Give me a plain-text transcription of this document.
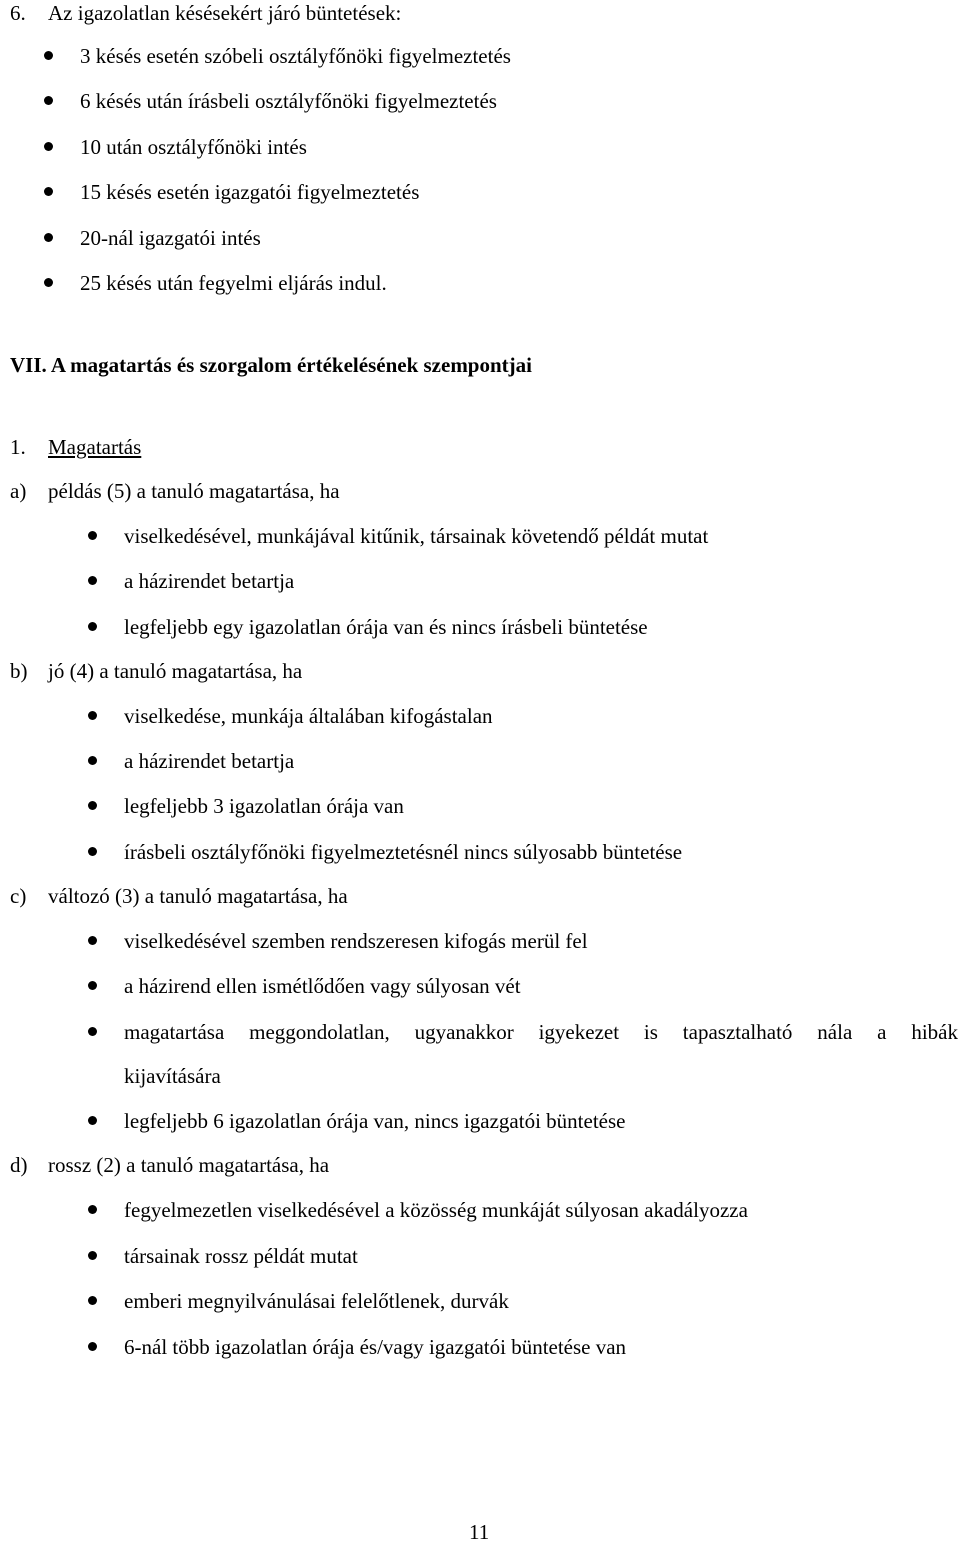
6. Az igazolatlan késésekért járó büntetések:
3 késés esetén szóbeli osztályfőnöki figyelmeztetés
6 késés után írásbeli osztályfőnöki figyelmeztetés
10 után osztályfőnöki intés
15 késés esetén igazgatói figyelmeztetés
20-nál igazgatói intés
25 késés után fegyelmi eljárás indul.
VII. A magatartás és szorgalom értékelésének szempontjai
1. Magatartás
a) példás (5) a tanuló magatartása, ha
viselkedésével, munkájával kitűnik, társainak követendő példát mutat
a házirendet betartja
legfeljebb egy igazolatlan órája van és nincs írásbeli büntetése
b) jó (4) a tanuló magatartása, ha
viselkedése, munkája általában kifogástalan
a házirendet betartja
legfeljebb 3 igazolatlan órája van
írásbeli osztályfőnöki figyelmeztetésnél nincs súlyosabb büntetése
c) változó (3) a tanuló magatartása, ha
viselkedésével szemben rendszeresen kifogás merül fel
a házirend ellen ismétlődően vagy súlyosan vét
magatartása meggondolatlan, ugyanakkor igyekezet is tapasztalható nála a hibák
kijavítására
legfeljebb 6 igazolatlan órája van, nincs igazgatói büntetése
d) rossz (2) a tanuló magatartása, ha
fegyelmezetlen viselkedésével a közösség munkáját súlyosan akadályozza
társainak rossz példát mutat
emberi megnyilvánulásai felelőtlenek, durvák
6-nál több igazolatlan órája és/vagy igazgatói büntetése van
11
